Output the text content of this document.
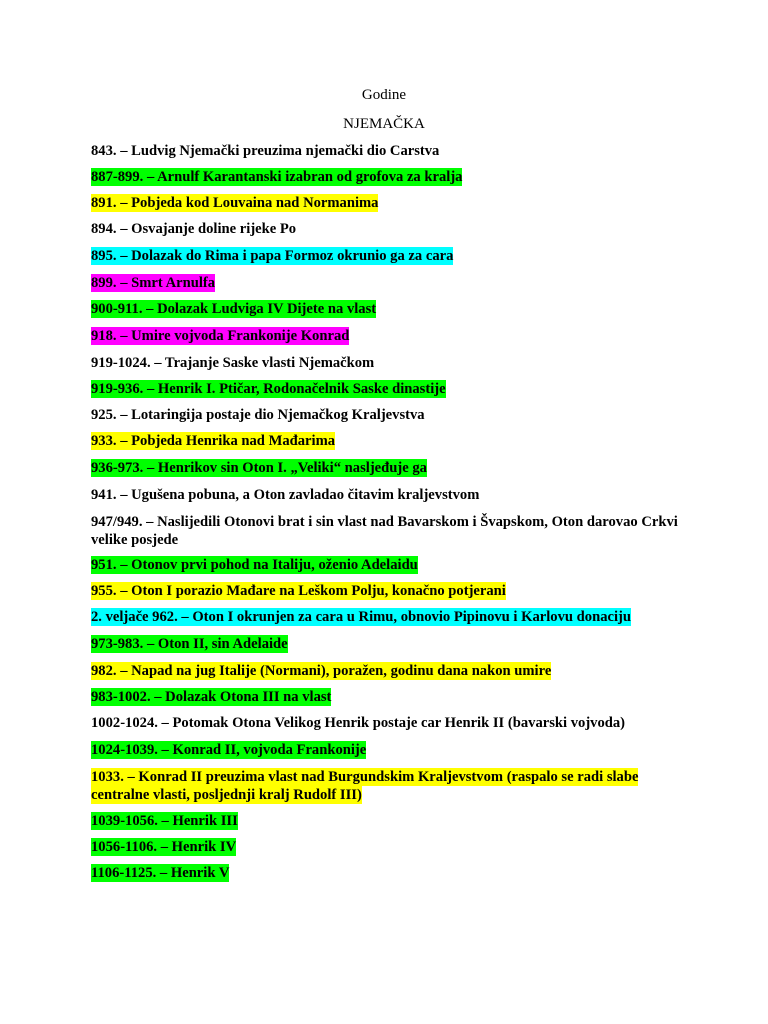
Godine
NJEMAČKA
843. – Ludvig Njemački preuzima njemački dio Carstva
887-899. – Arnulf Karantanski izabran od grofova za kralja
891. – Pobjeda kod Louvaina nad Normanima
894. – Osvajanje doline rijeke Po
895. – Dolazak do Rima i papa Formoz okrunio ga za cara
899. – Smrt Arnulfa
900-911. – Dolazak Ludviga IV Dijete na vlast
918. – Umire vojvoda Frankonije Konrad
919-1024. – Trajanje Saske vlasti Njemačkom
919-936. – Henrik I. Ptičar, Rodonačelnik Saske dinastije
925. – Lotaringija postaje dio Njemačkog Kraljevstva
933. – Pobjeda Henrika nad Mađarima
936-973. – Henrikov sin Oton I. „Veliki“ nasljeđuje ga
941. – Ugušena pobuna, a Oton zavladao čitavim kraljevstvom
947/949. – Naslijedili Otonovi brat i sin vlast nad Bavarskom i Švapskom, Oton darovao Crkvi velike posjede
951. – Otonov prvi pohod na Italiju, oženio Adelaidu
955. – Oton I porazio Mađare na Leškom Polju, konačno potjerani
2. veljače 962. – Oton I okrunjen za cara u Rimu, obnovio Pipinovu i Karlovu donaciju
973-983. – Oton II, sin Adelaide
982. – Napad na jug Italije (Normani), poražen, godinu dana nakon umire
983-1002. – Dolazak Otona III na vlast
1002-1024. – Potomak Otona Velikog Henrik postaje car Henrik II (bavarski vojvoda)
1024-1039. – Konrad II, vojvoda Frankonije
1033. – Konrad II preuzima vlast nad Burgundskim Kraljevstvom (raspalo se radi slabe centralne vlasti, posljednji kralj Rudolf III)
1039-1056. – Henrik III
1056-1106. – Henrik IV
1106-1125. – Henrik V
